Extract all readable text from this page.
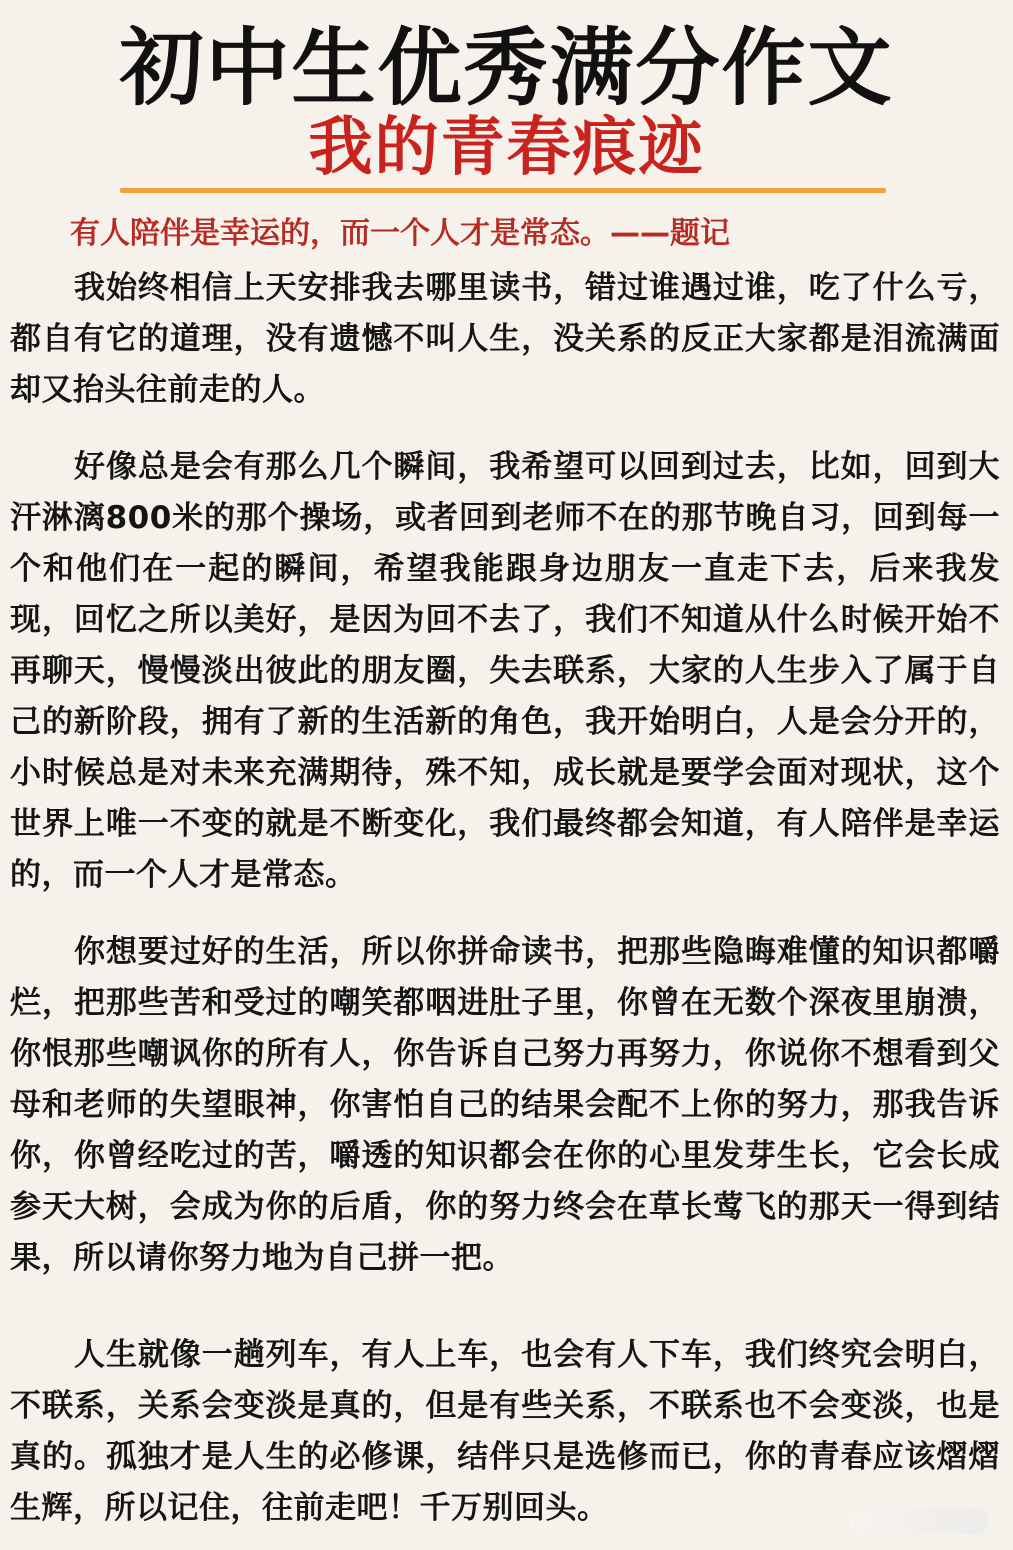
初中生优秀满分作文
我的青春痕迹
有人陪伴是幸运的，而一个人才是常态。——题记
我始终相信上天安排我去哪里读书，错过谁遇过谁，吃了什么亏，都自有它的道理，没有遗憾不叫人生，没关系的反正大家都是泪流满面却又抬头往前走的人。
好像总是会有那么几个瞬间，我希望可以回到过去，比如，回到大汗淋漓800米的那个操场，或者回到老师不在的那节晚自习，回到每一个和他们在一起的瞬间，希望我能跟身边朋友一直走下去，后来我发现，回忆之所以美好，是因为回不去了，我们不知道从什么时候开始不再聊天，慢慢淡出彼此的朋友圈，失去联系，大家的人生步入了属于自己的新阶段，拥有了新的生活新的角色，我开始明白，人是会分开的，小时候总是对未来充满期待，殊不知，成长就是要学会面对现状，这个世界上唯一不变的就是不断变化，我们最终都会知道，有人陪伴是幸运的，而一个人才是常态。
你想要过好的生活，所以你拼命读书，把那些隐晦难懂的知识都嚼烂，把那些苦和受过的嘲笑都咽进肚子里，你曾在无数个深夜里崩溃，你恨那些嘲讽你的所有人，你告诉自己努力再努力，你说你不想看到父母和老师的失望眼神，你害怕自己的结果会配不上你的努力，那我告诉你，你曾经吃过的苦，嚼透的知识都会在你的心里发芽生长，它会长成参天大树，会成为你的后盾，你的努力终会在草长莺飞的那天一得到结果，所以请你努力地为自己拼一把。
人生就像一趟列车，有人上车，也会有人下车，我们终究会明白，不联系，关系会变淡是真的，但是有些关系，不联系也不会变淡，也是真的。孤独才是人生的必修课，结伴只是选修而已，你的青春应该熠熠生辉，所以记住，往前走吧！千万别回头。
